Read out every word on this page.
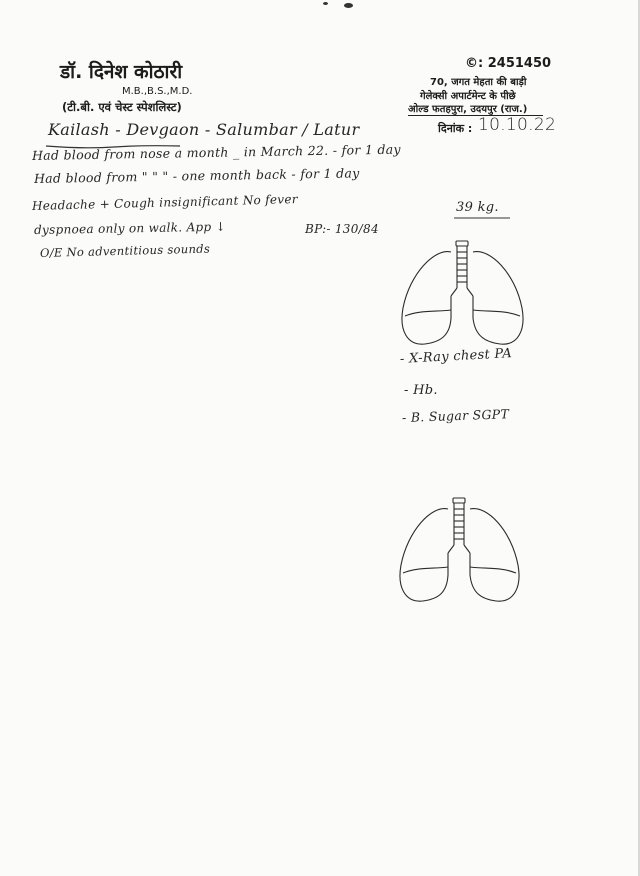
डॉ. दिनेश कोठारी
M.B.,B.S.,M.D.
(टी.बी. एवं चेस्ट स्पेशलिस्ट)
©: 2451450
70, जगत मेहता की बाड़ी
गेलेक्सी अपार्टमेन्ट के पीछे
ओल्ड फतहपुरा, उदयपुर (राज.)
दिनांक : 10.10.22
Kailash - Devgaon - Salumbar / Latur
Had blood from nose a month _ in March 22. - for 1 day
Had blood from " " " - one month back - for 1 day
Headache + Cough insignificant No fever
dyspnoea only on walk. App ↓	BP:- 130/84
O/E No adventitious sounds
39 kg.
- X-Ray chest PA
- Hb.
- B. Sugar SGPT
